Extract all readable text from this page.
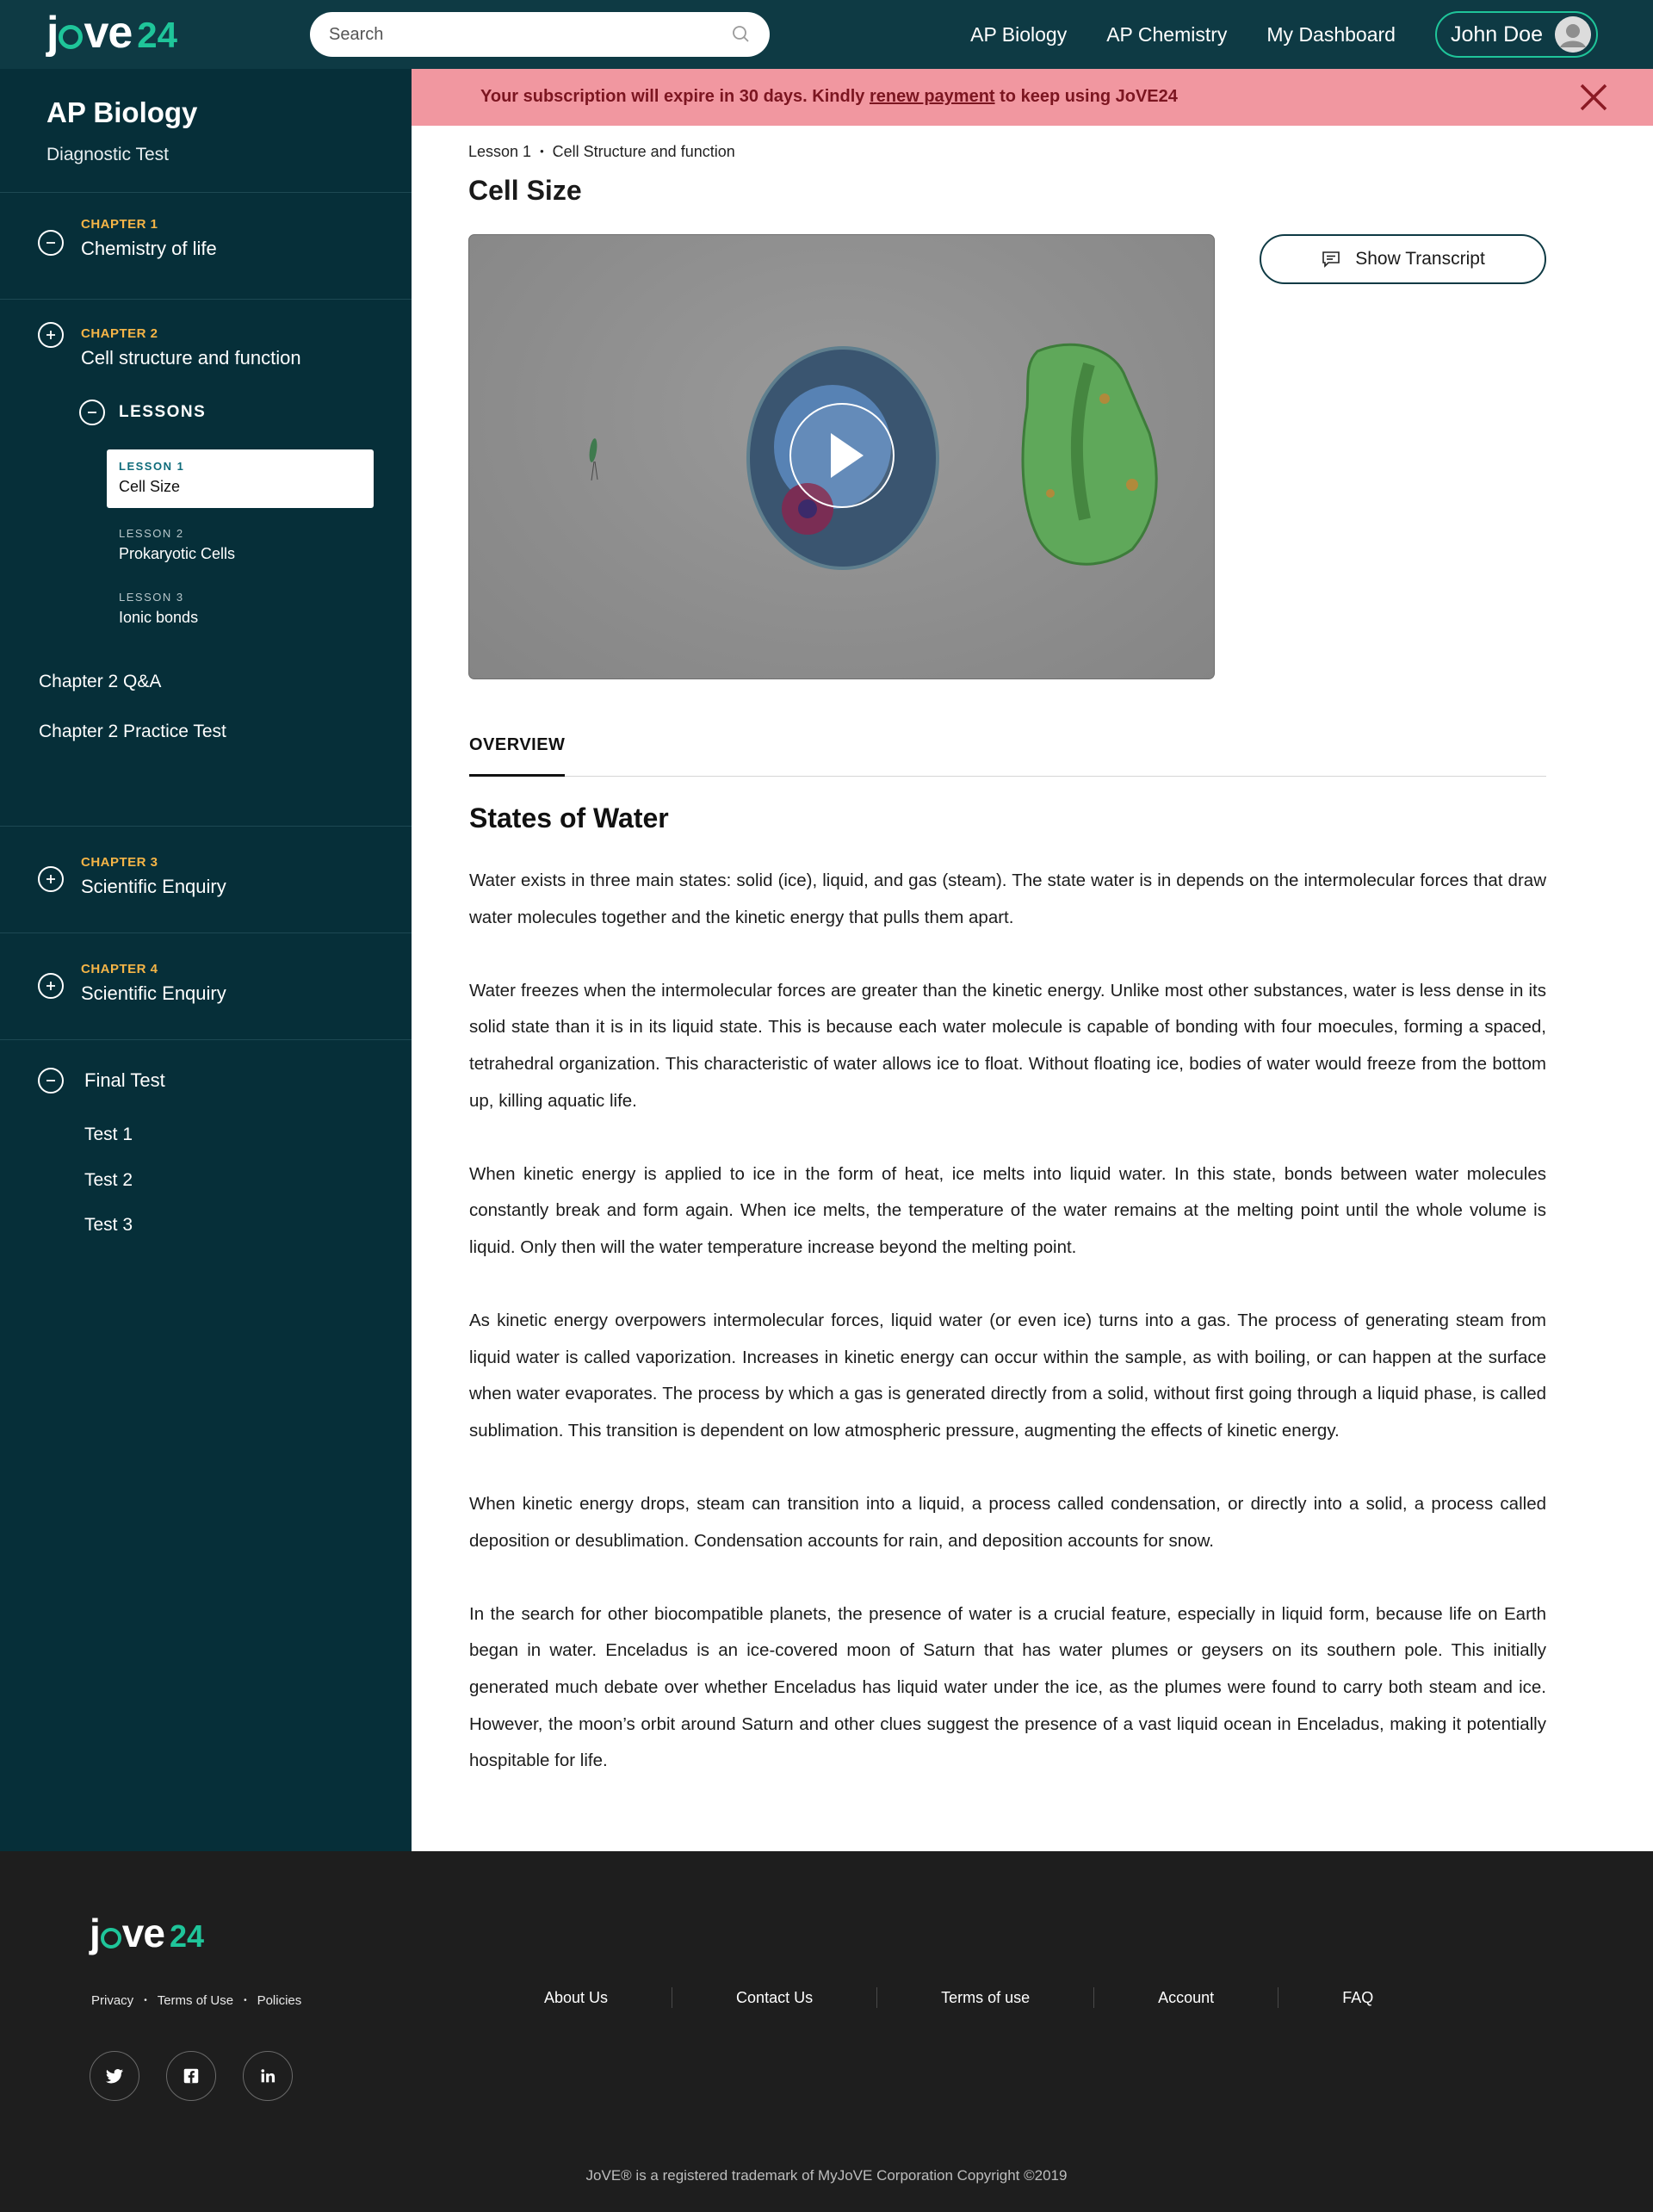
j ve 24
Search	AP Biology AP Chemistry My Dashboard	John Doe
AP Biology
Diagnostic Test
CHAPTER 1
Chemistry of life
CHAPTER 2
Cell structure and function
LESSONS
LESSON 1
Cell Size
LESSON 2
Prokaryotic Cells
LESSON 3
Ionic bonds
Chapter 2 Q&A
Chapter 2 Practice Test
CHAPTER 3
Scientific Enquiry
CHAPTER 4
Scientific Enquiry
Final Test
Test 1
Test 2
Test 3
Your subscription will expire in 30 days. Kindly renew payment to keep using JoVE24
Lesson 1 • Cell Structure and function
Cell Size
Show Transcript
OVERVIEW
States of Water

Water exists in three main states: solid (ice), liquid, and gas (steam). The state water is in depends on the intermolecular forces that draw water molecules together and the kinetic energy that pulls them apart.

Water freezes when the intermolecular forces are greater than the kinetic energy. Unlike most other substances, water is less dense in its solid state than it is in its liquid state. This is because each water molecule is capable of bonding with four moecules, forming a spaced, tetrahedral organization. This characteristic of water allows ice to float. Without floating ice, bodies of water would freeze from the bottom up, killing aquatic life.

When kinetic energy is applied to ice in the form of heat, ice melts into liquid water. In this state, bonds between water molecules constantly break and form again. When ice melts, the temperature of the water remains at the melting point until the whole volume is liquid. Only then will the water temperature increase beyond the melting point.

As kinetic energy overpowers intermolecular forces, liquid water (or even ice) turns into a gas. The process of generating steam from liquid water is called vaporization. Increases in kinetic energy can occur within the sample, as with boiling, or can happen at the surface when water evaporates. The process by which a gas is generated directly from a solid, without first going through a liquid phase, is called sublimation. This transition is dependent on low atmospheric pressure, augmenting the effects of kinetic energy.

When kinetic energy drops, steam can transition into a liquid, a process called condensation, or directly into a solid, a process called deposition or desublimation. Condensation accounts for rain, and deposition accounts for snow.

In the search for other biocompatible planets, the presence of water is a crucial feature, especially in liquid form, because life on Earth began in water. Enceladus is an ice-covered moon of Saturn that has water plumes or geysers on its southern pole. This initially generated much debate over whether Enceladus has liquid water under the ice, as the plumes were found to carry both steam and ice. However, the moon’s orbit around Saturn and other clues suggest the presence of a vast liquid ocean in Enceladus, making it potentially hospitable for life.

j ve 24
Privacy • Terms of Use • Policies	About Us	Contact Us	Terms of use	Account	FAQ
JoVE® is a registered trademark of MyJoVE Corporation Copyright ©2019
